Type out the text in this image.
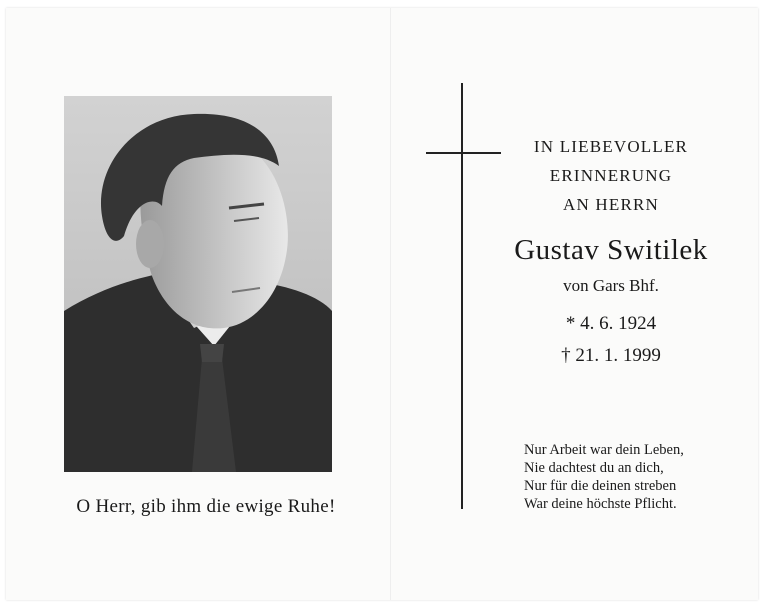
O Herr, gib ihm die ewige Ruhe!
IN LIEBEVOLLER
ERINNERUNG
AN HERRN
Gustav Switilek
von Gars Bhf.
* 4. 6. 1924
† 21. 1. 1999
Nur Arbeit war dein Leben,
Nie dachtest du an dich,
Nur für die deinen streben
War deine höchste Pflicht.
